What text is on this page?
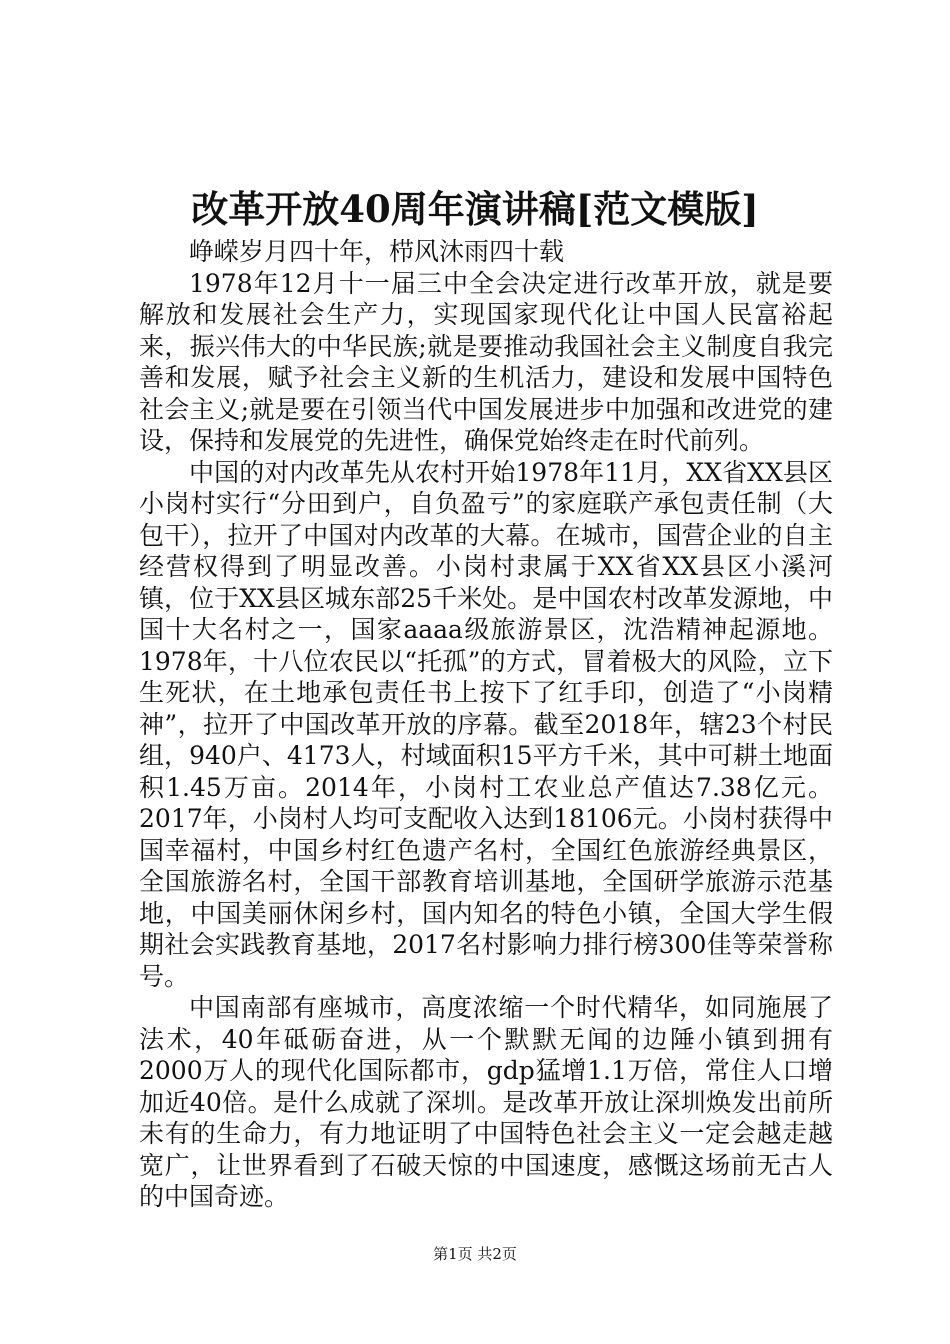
改革开放40周年演讲稿[范文模版]

峥嵘岁月四十年，栉风沐雨四十载

1978年12月十一届三中全会决定进行改革开放，就是要解放和发展社会生产力，实现国家现代化让中国人民富裕起来，振兴伟大的中华民族;就是要推动我国社会主义制度自我完善和发展，赋予社会主义新的生机活力，建设和发展中国特色社会主义;就是要在引领当代中国发展进步中加强和改进党的建设，保持和发展党的先进性，确保党始终走在时代前列。

中国的对内改革先从农村开始1978年11月，XX省XX县区小岗村实行“分田到户，自负盈亏”的家庭联产承包责任制（大包干），拉开了中国对内改革的大幕。在城市，国营企业的自主经营权得到了明显改善。小岗村隶属于XX省XX县区小溪河镇，位于XX县区城东部25千米处。是中国农村改革发源地，中国十大名村之一，国家aaaa级旅游景区，沈浩精神起源地。1978年，十八位农民以“托孤”的方式，冒着极大的风险，立下生死状，在土地承包责任书上按下了红手印，创造了“小岗精神”，拉开了中国改革开放的序幕。截至2018年，辖23个村民组，940户、4173人，村域面积15平方千米，其中可耕土地面积1.45万亩。2014年，小岗村工农业总产值达7.38亿元。2017年，小岗村人均可支配收入达到18106元。小岗村获得中国幸福村，中国乡村红色遗产名村，全国红色旅游经典景区，全国旅游名村，全国干部教育培训基地，全国研学旅游示范基地，中国美丽休闲乡村，国内知名的特色小镇，全国大学生假期社会实践教育基地，2017名村影响力排行榜300佳等荣誉称号。

中国南部有座城市，高度浓缩一个时代精华，如同施展了法术，40年砥砺奋进，从一个默默无闻的边陲小镇到拥有2000万人的现代化国际都市，gdp猛增1.1万倍，常住人口增加近40倍。是什么成就了深圳。是改革开放让深圳焕发出前所未有的生命力，有力地证明了中国特色社会主义一定会越走越宽广，让世界看到了石破天惊的中国速度，感慨这场前无古人的中国奇迹。

第1页 共2页
